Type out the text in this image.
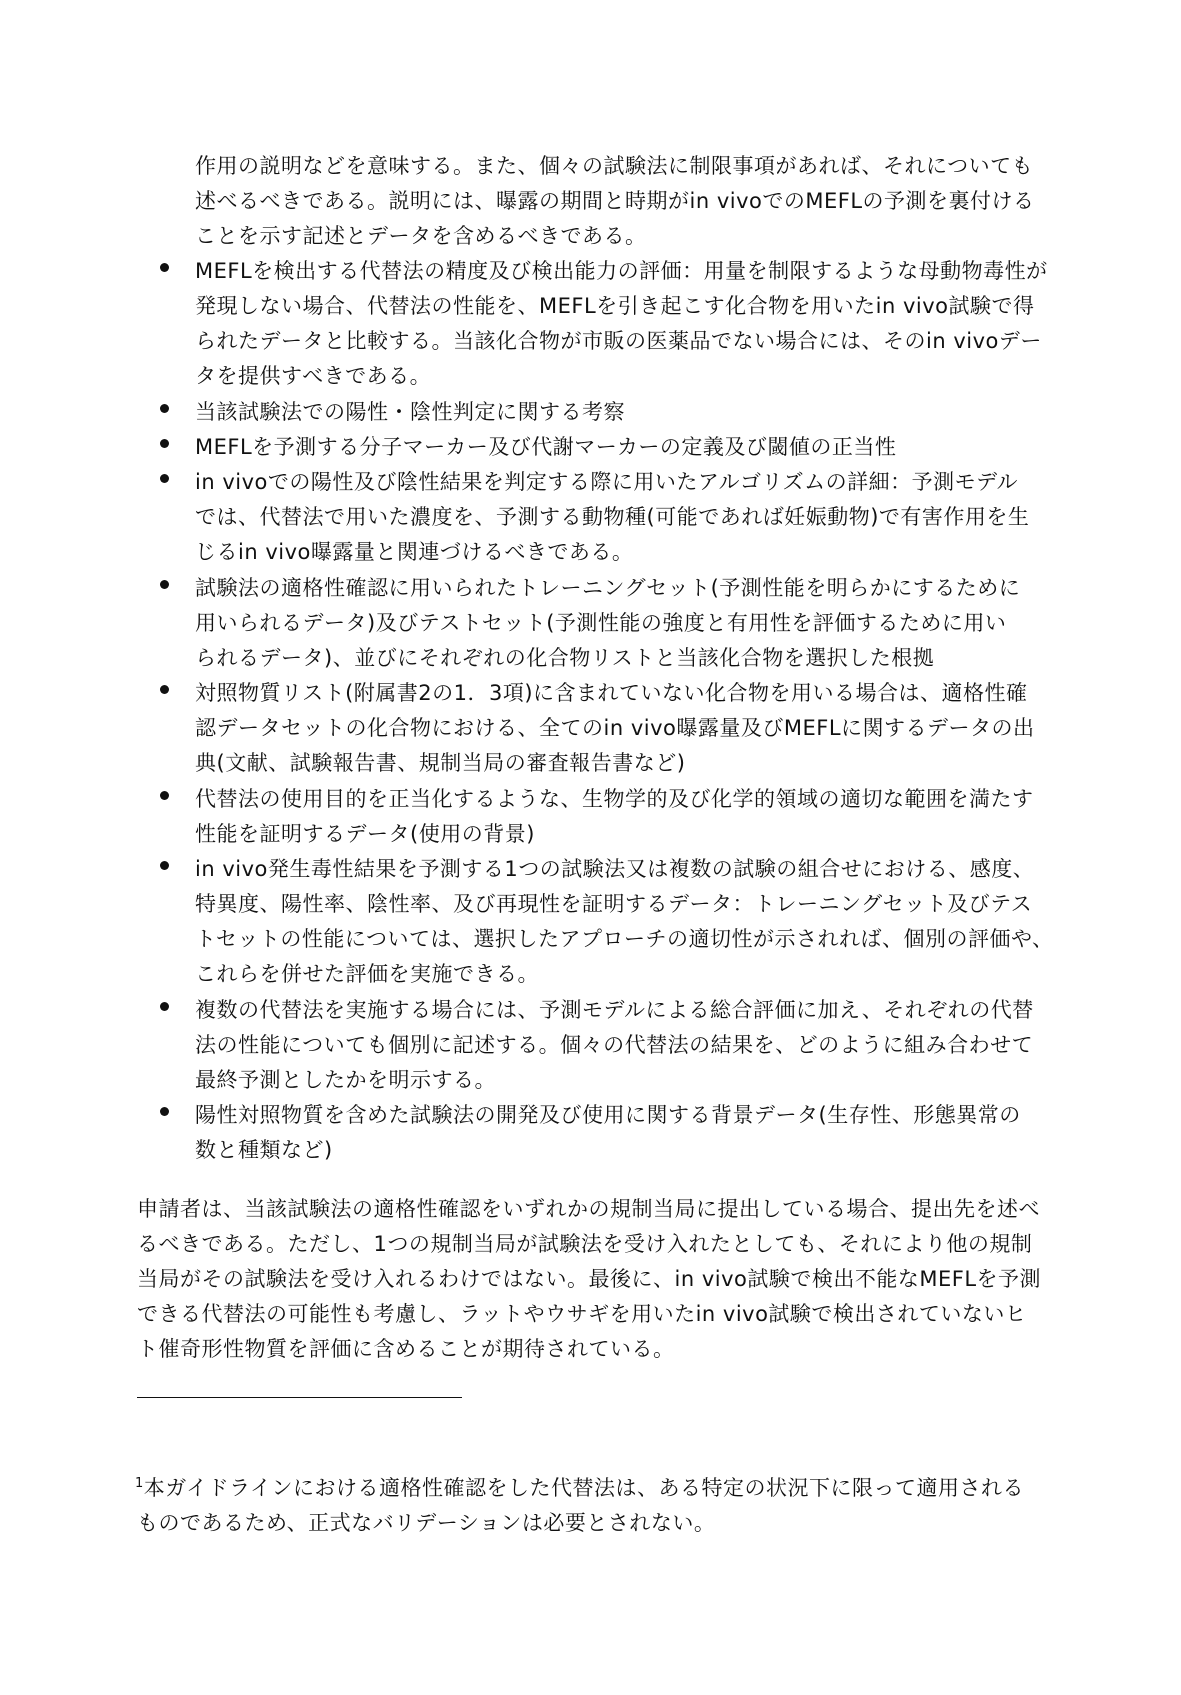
作用の説明などを意味する。また、個々の試験法に制限事項があれば、それについても
述べるべきである。説明には、曝露の期間と時期がin vivoでのMEFLの予測を裏付ける
ことを示す記述とデータを含めるべきである。
MEFLを検出する代替法の精度及び検出能力の評価：用量を制限するような母動物毒性が
発現しない場合、代替法の性能を、MEFLを引き起こす化合物を用いたin vivo試験で得
られたデータと比較する。当該化合物が市販の医薬品でない場合には、そのin vivoデー
タを提供すべきである。
当該試験法での陽性・陰性判定に関する考察
MEFLを予測する分子マーカー及び代謝マーカーの定義及び閾値の正当性
in vivoでの陽性及び陰性結果を判定する際に用いたアルゴリズムの詳細：予測モデル
では、代替法で用いた濃度を、予測する動物種(可能であれば妊娠動物)で有害作用を生
じるin vivo曝露量と関連づけるべきである。
試験法の適格性確認に用いられたトレーニングセット(予測性能を明らかにするために
用いられるデータ)及びテストセット(予測性能の強度と有用性を評価するために用い
られるデータ)、並びにそれぞれの化合物リストと当該化合物を選択した根拠
対照物質リスト(附属書2の1．3項)に含まれていない化合物を用いる場合は、適格性確
認データセットの化合物における、全てのin vivo曝露量及びMEFLに関するデータの出
典(文献、試験報告書、規制当局の審査報告書など)
代替法の使用目的を正当化するような、生物学的及び化学的領域の適切な範囲を満たす
性能を証明するデータ(使用の背景)
in vivo発生毒性結果を予測する1つの試験法又は複数の試験の組合せにおける、感度、
特異度、陽性率、陰性率、及び再現性を証明するデータ：トレーニングセット及びテス
トセットの性能については、選択したアプローチの適切性が示されれば、個別の評価や、
これらを併せた評価を実施できる。
複数の代替法を実施する場合には、予測モデルによる総合評価に加え、それぞれの代替
法の性能についても個別に記述する。個々の代替法の結果を、どのように組み合わせて
最終予測としたかを明示する。
陽性対照物質を含めた試験法の開発及び使用に関する背景データ(生存性、形態異常の
数と種類など)
申請者は、当該試験法の適格性確認をいずれかの規制当局に提出している場合、提出先を述べ
るべきである。ただし、1つの規制当局が試験法を受け入れたとしても、それにより他の規制
当局がその試験法を受け入れるわけではない。最後に、in vivo試験で検出不能なMEFLを予測
できる代替法の可能性も考慮し、ラットやウサギを用いたin vivo試験で検出されていないヒ
ト催奇形性物質を評価に含めることが期待されている。
$^1$本ガイドラインにおける適格性確認をした代替法は、ある特定の状況下に限って適用される
ものであるため、正式なバリデーションは必要とされない。
